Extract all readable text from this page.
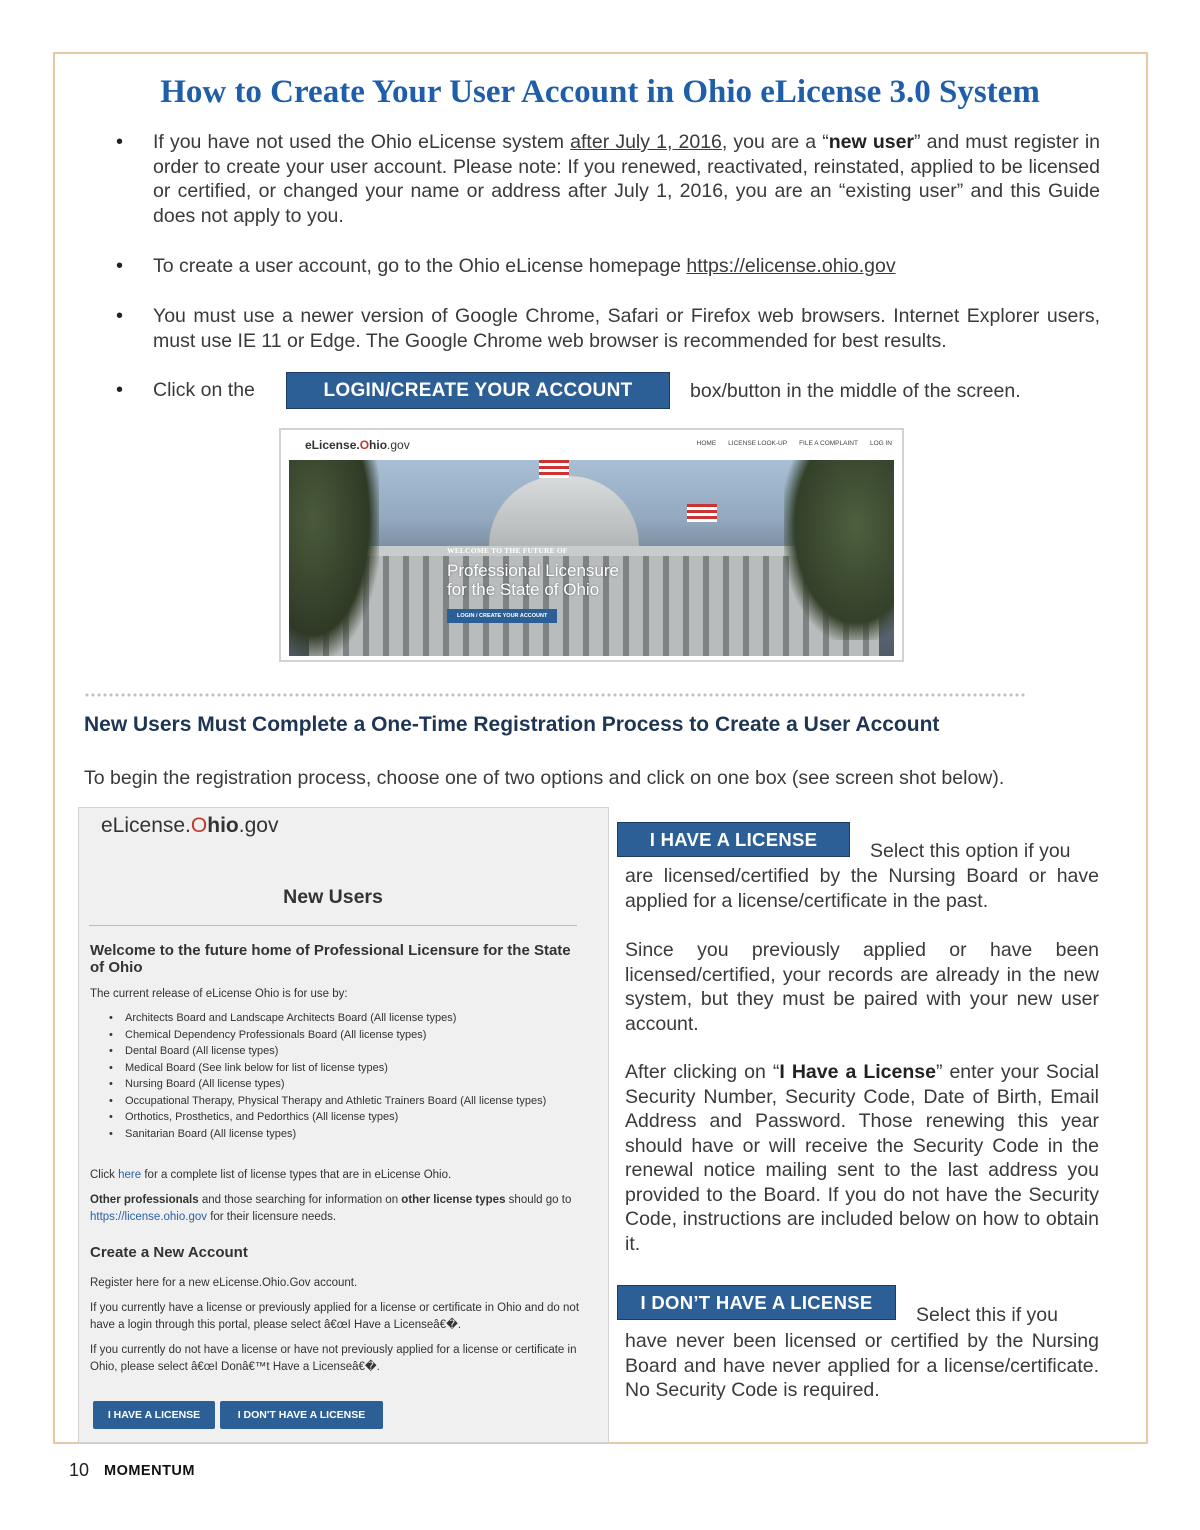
How to Create Your User Account in Ohio eLicense 3.0 System
• If you have not used the Ohio eLicense system after July 1, 2016, you are a “new user” and must register in order to create your user account. Please note: If you renewed, reactivated, reinstated, applied to be licensed or certified, or changed your name or address after July 1, 2016, you are an “existing user” and this Guide does not apply to you.
• To create a user account, go to the Ohio eLicense homepage https://elicense.ohio.gov
• You must use a newer version of Google Chrome, Safari or Firefox web browsers. Internet Explorer users, must use IE 11 or Edge. The Google Chrome web browser is recommended for best results.
• Click on the	LOGIN/CREATE YOUR ACCOUNT	box/button in the middle of the screen.
eLicense.Ohio.gov	HOME LICENSE LOOK-UP FILE A COMPLAINT LOG IN
WELCOME TO THE FUTURE OF
Professional Licensure
for the State of Ohio
LOGIN / CREATE YOUR ACCOUNT
New Users Must Complete a One-Time Registration Process to Create a User Account

To begin the registration process, choose one of two options and click on one box (see screen shot below).

eLicense.Ohio.gov
New Users
Welcome to the future home of Professional Licensure for the State of Ohio
The current release of eLicense Ohio is for use by:
• Architects Board and Landscape Architects Board (All license types)
• Chemical Dependency Professionals Board (All license types)
• Dental Board (All license types)
• Medical Board (See link below for list of license types)
• Nursing Board (All license types)
• Occupational Therapy, Physical Therapy and Athletic Trainers Board (All license types)
• Orthotics, Prosthetics, and Pedorthics (All license types)
• Sanitarian Board (All license types)
Click here for a complete list of license types that are in eLicense Ohio.
Other professionals and those searching for information on other license types should go to https://license.ohio.gov for their licensure needs.
Create a New Account
Register here for a new eLicense.Ohio.Gov account.
If you currently have a license or previously applied for a license or certificate in Ohio and do not have a login through this portal, please select â€œI Have a Licenseâ€�.
If you currently do not have a license or have not previously applied for a license or certificate in Ohio, please select â€œI Donâ€™t Have a Licenseâ€�.
I HAVE A LICENSE	I DON'T HAVE A LICENSE
I HAVE A LICENSE
Select this option if you
are licensed/certified by the Nursing Board or have applied for a license/certificate in the past.
Since you previously applied or have been licensed/certified, your records are already in the new system, but they must be paired with your new user account.
After clicking on “I Have a License” enter your Social Security Number, Security Code, Date of Birth, Email Address and Password. Those renewing this year should have or will receive the Security Code in the renewal notice mailing sent to the last address you provided to the Board. If you do not have the Security Code, instructions are included below on how to obtain it.
I DON’T HAVE A LICENSE
Select this if you
have never been licensed or certified by the Nursing Board and have never applied for a license/certificate. No Security Code is required.
10 MOMENTUM
